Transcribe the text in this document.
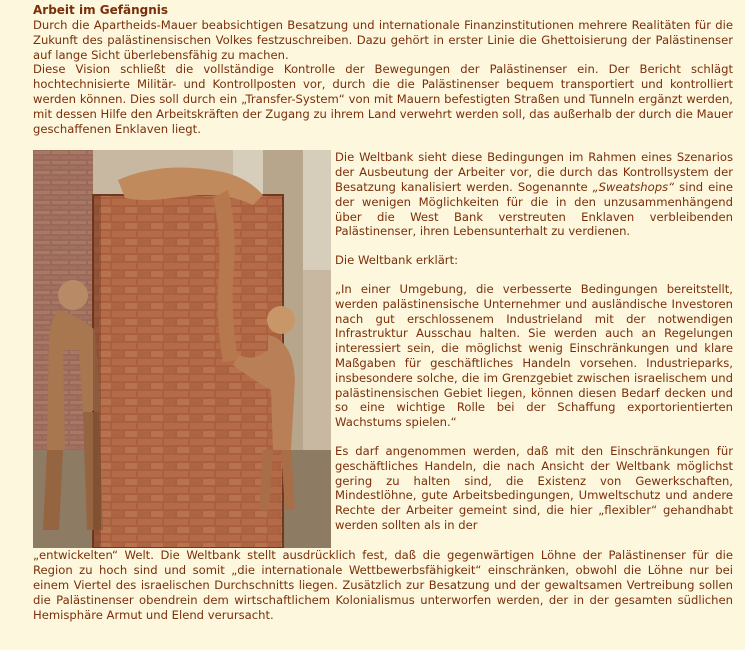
Arbeit im Gefängnis

Durch die Apartheids-Mauer beabsichtigen Besatzung und internationale Finanzinstitutionen mehrere Realitäten für die Zukunft des palästinensischen Volkes festzuschreiben. Dazu gehört in erster Linie die Ghettoisierung der Palästinenser auf lange Sicht überlebensfähig zu machen.

Diese Vision schließt die vollständige Kontrolle der Bewegungen der Palästinenser ein. Der Bericht schlägt hochtechnisierte Militär- und Kontrollposten vor, durch die die Palästinenser bequem transportiert und kontrolliert werden können. Dies soll durch ein „Transfer-System“ von mit Mauern befestigten Straßen und Tunneln ergänzt werden, mit dessen Hilfe den Arbeitskräften der Zugang zu ihrem Land verwehrt werden soll, das außerhalb der durch die Mauer geschaffenen Enklaven liegt.

Die Weltbank sieht diese Bedingungen im Rahmen eines Szenarios der Ausbeutung der Arbeiter vor, die durch das Kontrollsystem der Besatzung kanalisiert werden. Sogenannte „Sweatshops“ sind eine der wenigen Möglichkeiten für die in den unzusammenhängend über die West Bank verstreuten Enklaven verbleibenden Palästinenser, ihren Lebensunterhalt zu verdienen.

Die Weltbank erklärt:

„In einer Umgebung, die verbesserte Bedingungen bereitstellt, werden palästinensische Unternehmer und ausländische Investoren nach gut erschlossenem Industrieland mit der notwendigen Infrastruktur Ausschau halten. Sie werden auch an Regelungen interessiert sein, die möglichst wenig Einschränkungen und klare Maßgaben für geschäftliches Handeln vorsehen. Industrieparks, insbesondere solche, die im Grenzgebiet zwischen israelischem und palästinensischen Gebiet liegen, können diesen Bedarf decken und so eine wichtige Rolle bei der Schaffung exportorientierten Wachstums spielen.“

Es darf angenommen werden, daß mit den Einschränkungen für geschäftliches Handeln, die nach Ansicht der Weltbank möglichst gering zu halten sind, die Existenz von Gewerkschaften, Mindestlöhne, gute Arbeitsbedingungen, Umweltschutz und andere Rechte der Arbeiter gemeint sind, die hier „flexibler“ gehandhabt werden sollten als in der

„entwickelten“ Welt. Die Weltbank stellt ausdrücklich fest, daß die gegenwärtigen Löhne der Palästinenser für die Region zu hoch sind und somit „die internationale Wettbewerbsfähigkeit“ einschränken, obwohl die Löhne nur bei einem Viertel des israelischen Durchschnitts liegen. Zusätzlich zur Besatzung und der gewaltsamen Vertreibung sollen die Palästinenser obendrein dem wirtschaftlichem Kolonialismus unterworfen werden, der in der gesamten südlichen Hemisphäre Armut und Elend verursacht.
